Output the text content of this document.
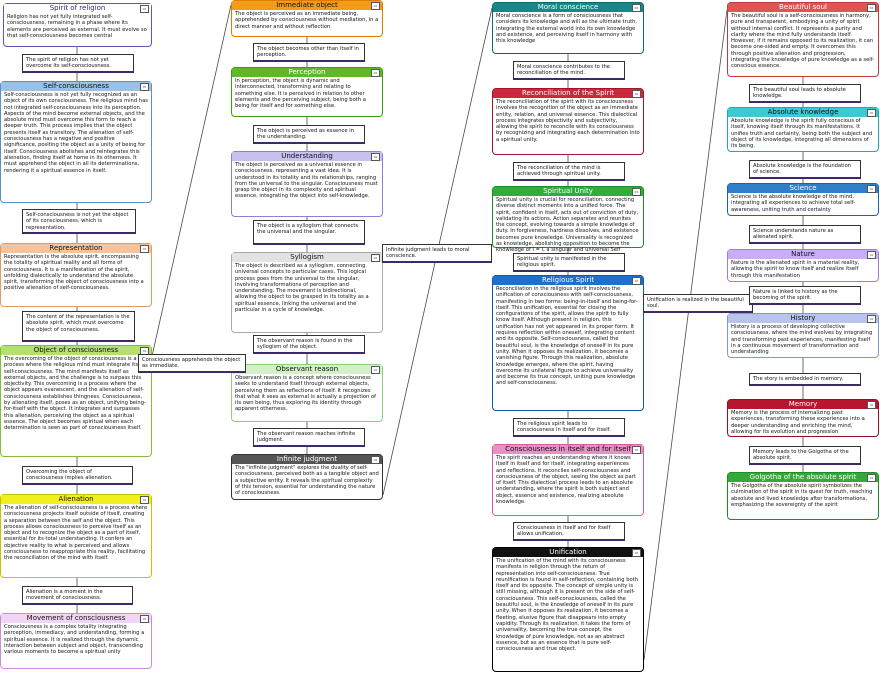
Spirit of religion	▭
Religion has not yet fully integrated self-consciousness, remaining in a phase where its elements are perceived as external. It must evolve so that self-consciousness becomes central
The spirit of religion has not yet overcome its self-consciousness.
Self-consciousness	▭
Self-consciousness is not yet fully recognized as an object of its own consciousness. The religious mind has not integrated self-consciousness into its perception. Aspects of the mind become external objects, and the absolute mind must overcome this form to reach a deeper truth. This process implies that the object presents itself as transitory. The alienation of self-consciousness has a negative and positive significance, positing the object as a unity of being for itself. Consciousness abolishes and reintegrates this alienation, finding itself at home in its otherness. It must apprehend the object in all its determinations, rendering it a spiritual essence in itself.
Self-consciousness is not yet the object of its consciousness, which is representation.
Representation	▭
Representation is the absolute spirit, encompassing the totality of spiritual reality and all forms of consciousness. It is a manifestation of the spirit, unfolding dialectically to understand the absolute spirit, transforming the object of consciousness into a positive alienation of self-consciousness.
The content of the representation is the absolute spirit, which must overcome the object of consciousness.
Object of consciousness	▭
The overcoming of the object of consciousness is a process where the religious mind must integrate its self-consciousness. The mind manifests itself as external objects, and the challenge is to surpass this objectivity. This overcoming is a process where the object appears evanescent, and the alienation of self-consciousness establishes thingness. Consciousness, by alienating itself, poses as an object, unifying being-for-itself with the object. It integrates and surpasses this alienation, perceiving the object as a spiritual essence. The object becomes spiritual when each determination is seen as part of consciousness itself.
Overcoming the object of consciousness implies alienation.
Alienation	▭
The alienation of self-consciousness is a process where consciousness projects itself outside of itself, creating a separation between the self and the object. This process allows consciousness to perceive itself as an object and to recognize the object as a part of itself, essential for its total understanding. It confers an objective reality to what is perceived and allows consciousness to reappropriate this reality, facilitating the reconciliation of the mind with itself.
Alienation is a moment in the movement of consciousness.
Movement of consciousness	▭
Consciousness is a complex totality integrating perception, immediacy, and understanding, forming a spiritual essence. It is realized through the dynamic interaction between subject and object, transcending various moments to become a spiritual unity
Consciousness apprehends the object as immediate.
Immediate object	▭
The object is perceived as an immediate being, apprehended by consciousness without mediation, in a direct manner and without reflection
The object becomes other than itself in perception.
Perception	▭
In perception, the object is dynamic and interconnected, transforming and relating to something else. It is perceived in relation to other elements and the perceiving subject, being both a being for itself and for something else.
The object is perceived as essence in the understanding.
Understanding	▭
The object is perceived as a universal essence in consciousness, representing a vast idea. It is understood in its totality and its relationships, ranging from the universal to the singular. Consciousness must grasp the object in its complexity and spiritual essence, integrating the object into self-knowledge.
The object is a syllogism that connects the universal and the singular.
Syllogism	▭
The object is described as a syllogism, connecting universal concepts to particular cases. This logical process goes from the universal to the singular, involving transformations of perception and understanding. The movement is bidirectional, allowing the object to be grasped in its totality as a spiritual essence, linking the universal and the particular in a cycle of knowledge.
The observant reason is found in the syllogism of the object.
Observant reason	▭
Observant reason is a concept where consciousness seeks to understand itself through external objects, perceiving them as reflections of itself. It recognizes that what it sees as external is actually a projection of its own being, thus exploring its identity through apparent otherness.
The observant reason reaches infinite judgment.
Infinite judgment	▭
The "infinite judgment" explores the duality of self-consciousness, perceived both as a tangible object and a subjective entity. It reveals the spiritual complexity of this tension, essential for understanding the nature of consciousness.
Infinite judgment leads to moral conscience.
Moral conscience	▭
Moral conscience is a form of consciousness that considers its knowledge and will as the ultimate truth, integrating the external world into its own knowledge and existence, and perceiving itself in harmony with this knowledge
Moral conscience contributes to the reconciliation of the mind.
Reconciliation of the Spirit	▭
The reconciliation of the spirit with its consciousness involves the recognition of the object as an immediate entity, relation, and universal essence. This dialectical process integrates objectivity and subjectivity, allowing the spirit to reconcile with its consciousness by recognizing and integrating each determination into a spiritual unity.
The reconciliation of the mind is achieved through spiritual unity.
Spiritual Unity	▭
Spiritual unity is crucial for reconciliation, connecting diverse distinct moments into a unified force. The spirit, confident in itself, acts out of conviction of duty, validating its actions. Action separates and reunites the concept, evolving towards a simple knowledge of duty. In forgiveness, hardness dissolves, and existence becomes pure knowledge. Universality is recognized as knowledge, abolishing opposition to become the knowledge of I = I, a singular and universal Self
Spiritual unity is manifested in the religious spirit.
Religious Spirit	▭
Reconciliation in the religious spirit involves the unification of consciousness with self-consciousness, manifesting in two forms: being-in-itself and being-for-itself. This unification, essential for closing the configurations of the spirit, allows the spirit to fully know itself. Although present in religion, this unification has not yet appeared in its proper form. It requires reflection within oneself, integrating content and its opposite. Self-consciousness, called the beautiful soul, is the knowledge of oneself in its pure unity. When it opposes its realization, it becomes a vanishing figure. Through this realization, absolute knowledge emerges, where the spirit, having overcome its unilateral figure to achieve universality and become its true concept, uniting pure knowledge and self-consciousness.
The religious spirit leads to consciousness in itself and for itself.
Consciousness in itself and for itself ▭
The spirit reaches an understanding where it knows itself in itself and for itself, integrating experiences and reflections. It reconciles self-consciousness and consciousness of the object, seeing the object as part of itself. This dialectical process leads to an absolute understanding, where the spirit is both subject and object, essence and existence, realizing absolute knowledge.
Consciousness in itself and for itself allows unification.
Unification	▭
The unification of the mind with its consciousness manifests in religion through the return of representation into self-consciousness. True reunification is found in self-reflection, containing both itself and its opposite. The concept of simple unity is still missing, although it is present on the side of self-consciousness. This self-consciousness, called the beautiful soul, is the knowledge of oneself in its pure unity. When it opposes its realization, it becomes a fleeting, elusive figure that disappears into empty vapidity. Through its realization, it takes the form of universality, becoming the true concept, the knowledge of pure knowledge, not as an abstract essence, but as an essence that is pure self-consciousness and true object.
Unification is realized in the beautiful soul.
Beautiful soul	▭
The beautiful soul is a self-consciousness in harmony, pure and transparent, embodying a unity of spirit without internal conflict. It represents a purity and clarity where the mind fully understands itself. However, if it remains opposed to its realization, it can become one-sided and empty. It overcomes this through positive alienation and progression, integrating the knowledge of pure knowledge as a self-conscious essence.
The beautiful soul leads to absolute knowledge.
Absolute knowledge	▭
Absolute knowledge is the spirit fully conscious of itself, knowing itself through its manifestations. It unifies truth and certainty, being both the subject and object of its knowledge, integrating all dimensions of its being.
Absolute knowledge is the foundation of science.
Science	▭
Science is the absolute knowledge of the mind, integrating all experiences to achieve total self-awareness, uniting truth and certainty
Science understands nature as alienated spirit.
Nature	▭
Nature is the alienated spirit in a material reality, allowing the spirit to know itself and realize itself through this manifestation
Nature is linked to history as the becoming of the spirit.
History	▭
History is a process of developing collective consciousness, where the mind evolves by integrating and transforming past experiences, manifesting itself in a continuous movement of transformation and understanding
The story is embedded in memory.
Memory	▭
Memory is the process of internalizing past experiences, transforming these experiences into a deeper understanding and enriching the mind, allowing for its evolution and progression
Memory leads to the Golgotha of the absolute spirit.
Golgotha of the absolute spirit	▭
The Golgotha of the absolute spirit symbolizes the culmination of the spirit in its quest for truth, reaching absolute and lived knowledge after transformations, emphasizing the sovereignty of the spirit
